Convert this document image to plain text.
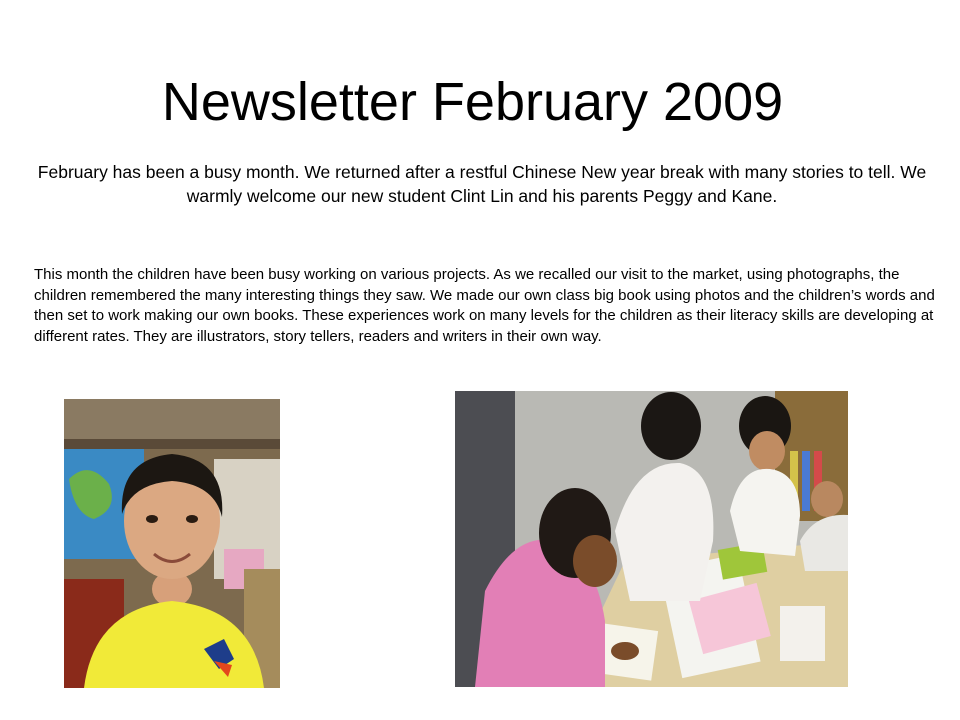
Newsletter February 2009

February has been a busy month. We returned after a restful Chinese New year break with many stories to tell. We warmly welcome our new student Clint Lin and his parents Peggy and Kane.

This month the children have been busy working on various projects. As we recalled our visit to the market, using photographs, the children remembered the many interesting things they saw. We made our own class big book using photos and the children’s words and then set to work making our own books. These experiences work on many levels for the children as their literacy skills are developing at different rates. They are illustrators, story tellers, readers and writers in their own way.
